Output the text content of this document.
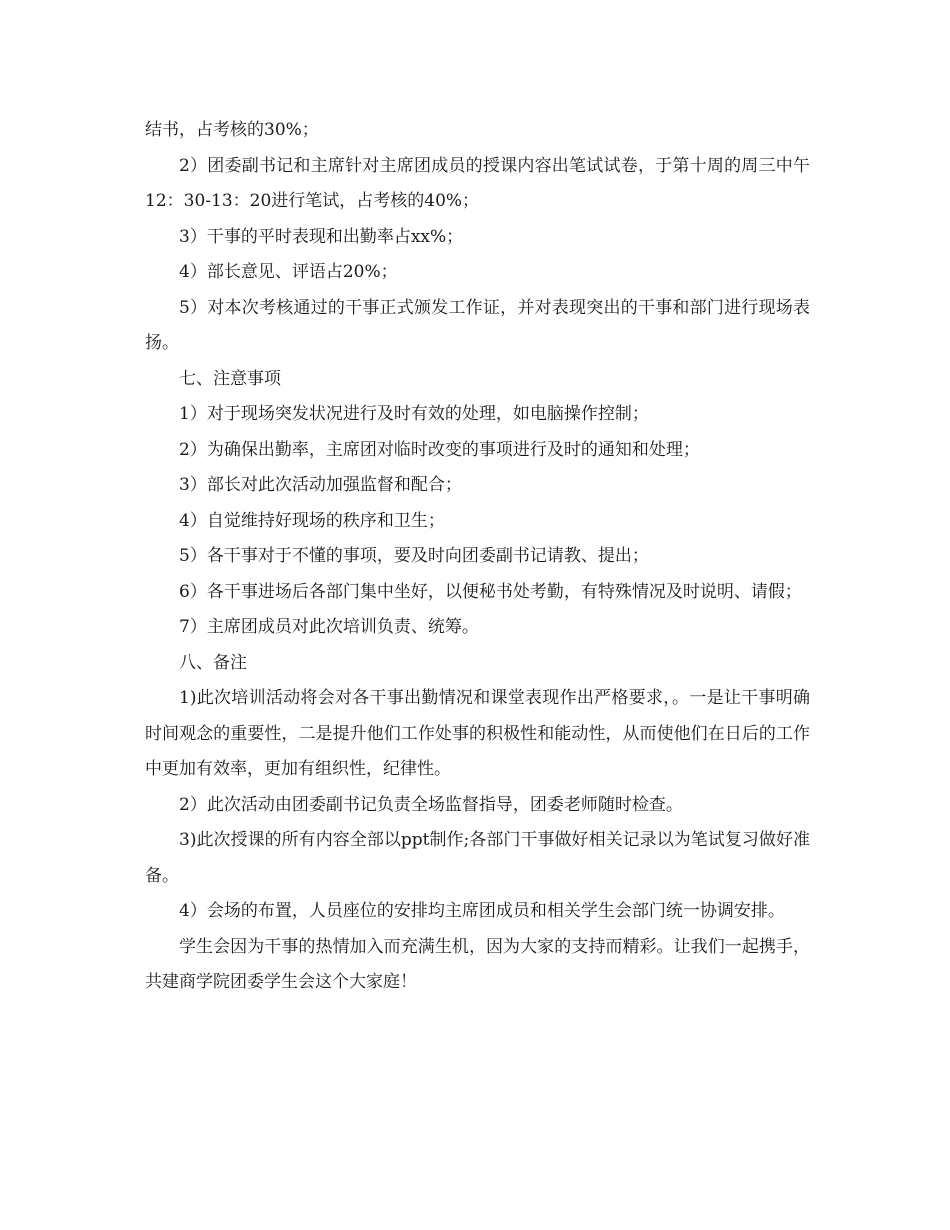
结书，占考核的30%；

2）团委副书记和主席针对主席团成员的授课内容出笔试试卷，于第十周的周三中午12：30-13：20进行笔试，占考核的40%；

3）干事的平时表现和出勤率占xx%；

4）部长意见、评语占20%；

5）对本次考核通过的干事正式颁发工作证，并对表现突出的干事和部门进行现场表扬。

七、注意事项

1）对于现场突发状况进行及时有效的处理，如电脑操作控制；

2）为确保出勤率，主席团对临时改变的事项进行及时的通知和处理；

3）部长对此次活动加强监督和配合；

4）自觉维持好现场的秩序和卫生；

5）各干事对于不懂的事项，要及时向团委副书记请教、提出；

6）各干事进场后各部门集中坐好，以便秘书处考勤，有特殊情况及时说明、请假；

7）主席团成员对此次培训负责、统筹。

八、备注

1)此次培训活动将会对各干事出勤情况和课堂表现作出严格要求，。一是让干事明确时间观念的重要性，二是提升他们工作处事的积极性和能动性，从而使他们在日后的工作中更加有效率，更加有组织性，纪律性。

2）此次活动由团委副书记负责全场监督指导，团委老师随时检查。

3)此次授课的所有内容全部以ppt制作;各部门干事做好相关记录以为笔试复习做好准备。

4）会场的布置，人员座位的安排均主席团成员和相关学生会部门统一协调安排。

学生会因为干事的热情加入而充满生机，因为大家的支持而精彩。让我们一起携手，共建商学院团委学生会这个大家庭！
